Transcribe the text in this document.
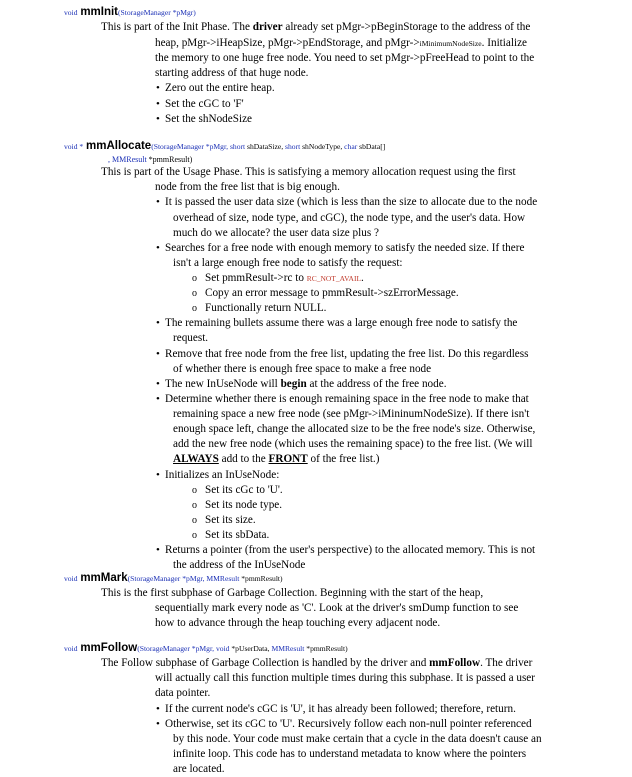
void mmInit(StorageManager *pMgr)
This is part of the Init Phase. The driver already set pMgr->pBeginStorage to the address of the
heap, pMgr->iHeapSize, pMgr->pEndStorage, and pMgr->iMinimumNodeSize. Initialize
the memory to one huge free node. You need to set pMgr->pFreeHead to point to the
starting address of that huge node.
• Zero out the entire heap.
• Set the cGC to 'F'
• Set the shNodeSize
void * mmAllocate(StorageManager *pMgr, short shDataSize, short shNodeType, char sbData[]
, MMResult *pmmResult)
This is part of the Usage Phase. This is satisfying a memory allocation request using the first
node from the free list that is big enough.
• It is passed the user data size (which is less than the size to allocate due to the node
overhead of size, node type, and cGC), the node type, and the user's data. How
much do we allocate? the user data size plus ?
• Searches for a free node with enough memory to satisfy the needed size. If there
isn't a large enough free node to satisfy the request:
o Set pmmResult->rc to RC_NOT_AVAIL.
o Copy an error message to pmmResult->szErrorMessage.
o Functionally return NULL.
• The remaining bullets assume there was a large enough free node to satisfy the
request.
• Remove that free node from the free list, updating the free list. Do this regardless
of whether there is enough free space to make a free node
• The new InUseNode will begin at the address of the free node.
• Determine whether there is enough remaining space in the free node to make that
remaining space a new free node (see pMgr->iMininumNodeSize). If there isn't
enough space left, change the allocated size to be the free node's size. Otherwise,
add the new free node (which uses the remaining space) to the free list. (We will
ALWAYS add to the FRONT of the free list.)
• Initializes an InUseNode:
o Set its cGc to 'U'.
o Set its node type.
o Set its size.
o Set its sbData.
• Returns a pointer (from the user's perspective) to the allocated memory. This is not
the address of the InUseNode
void mmMark(StorageManager *pMgr, MMResult *pmmResult)
This is the first subphase of Garbage Collection. Beginning with the start of the heap,
sequentially mark every node as 'C'. Look at the driver's smDump function to see
how to advance through the heap touching every adjacent node.
void mmFollow(StorageManager *pMgr, void *pUserData, MMResult *pmmResult)
The Follow subphase of Garbage Collection is handled by the driver and mmFollow. The driver
will actually call this function multiple times during this subphase. It is passed a user
data pointer.
• If the current node's cGC is 'U', it has already been followed; therefore, return.
• Otherwise, set its cGC to 'U'. Recursively follow each non-null pointer referenced
by this node. Your code must make certain that a cycle in the data doesn't cause an
infinite loop. This code has to understand metadata to know where the pointers
are located.
